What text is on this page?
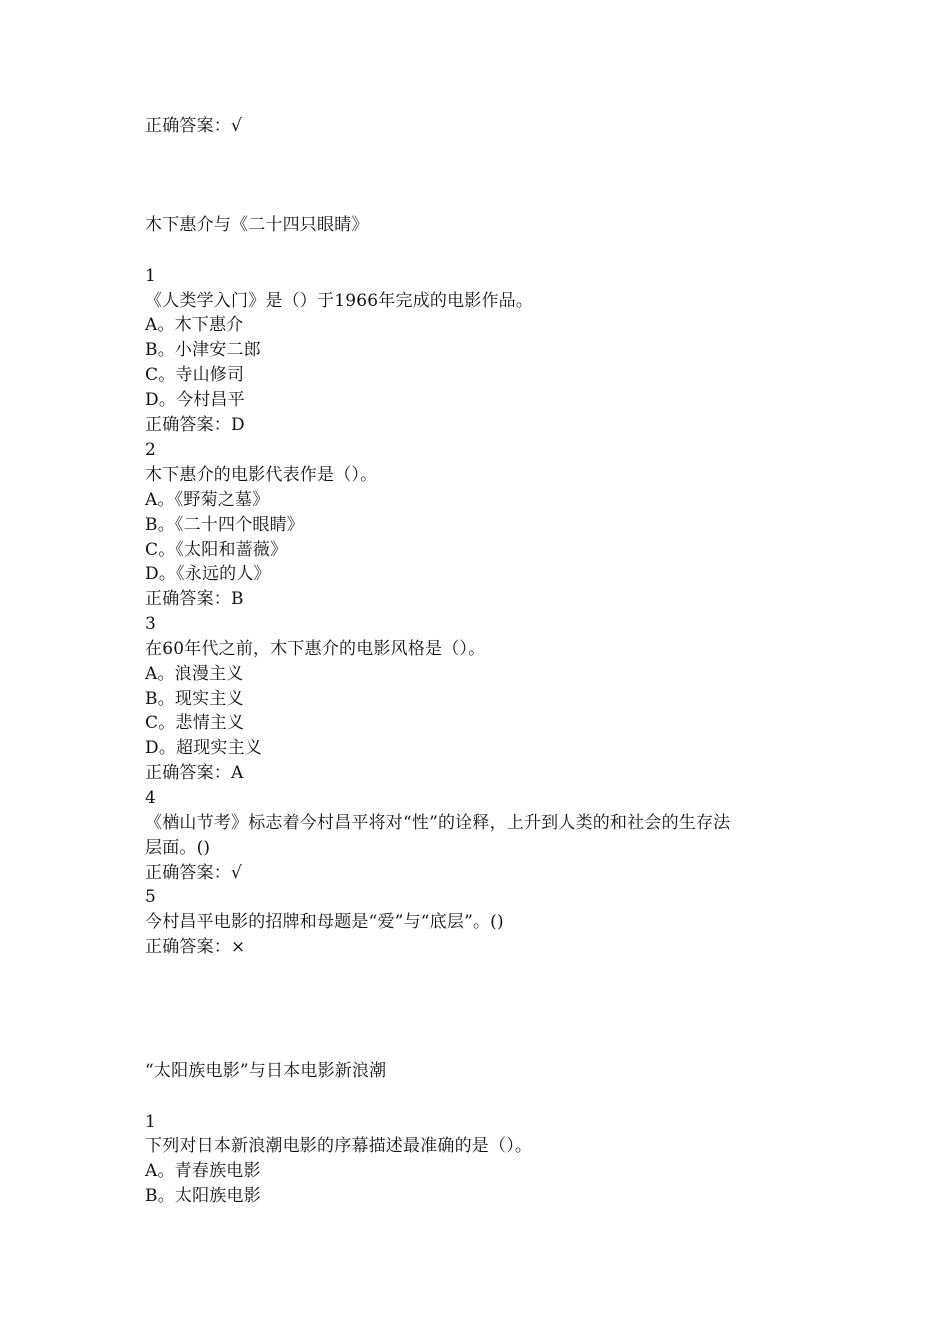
正确答案：√
木下惠介与《二十四只眼睛》
1
《人类学入门》是（）于1966年完成的电影作品。
A。木下惠介
B。小津安二郎
C。寺山修司
D。今村昌平
正确答案：D
2
木下惠介的电影代表作是（）。
A。《野菊之墓》
B。《二十四个眼睛》
C。《太阳和蔷薇》
D。《永远的人》
正确答案：B
3
在60年代之前，木下惠介的电影风格是（）。
A。浪漫主义
B。现实主义
C。悲情主义
D。超现实主义
正确答案：A
4
《楢山节考》标志着今村昌平将对“性”的诠释，上升到人类的和社会的生存法
层面。()
正确答案：√
5
今村昌平电影的招牌和母题是“爱”与“底层”。()
正确答案：×
“太阳族电影”与日本电影新浪潮
1
下列对日本新浪潮电影的序幕描述最准确的是（）。
A。青春族电影
B。太阳族电影
